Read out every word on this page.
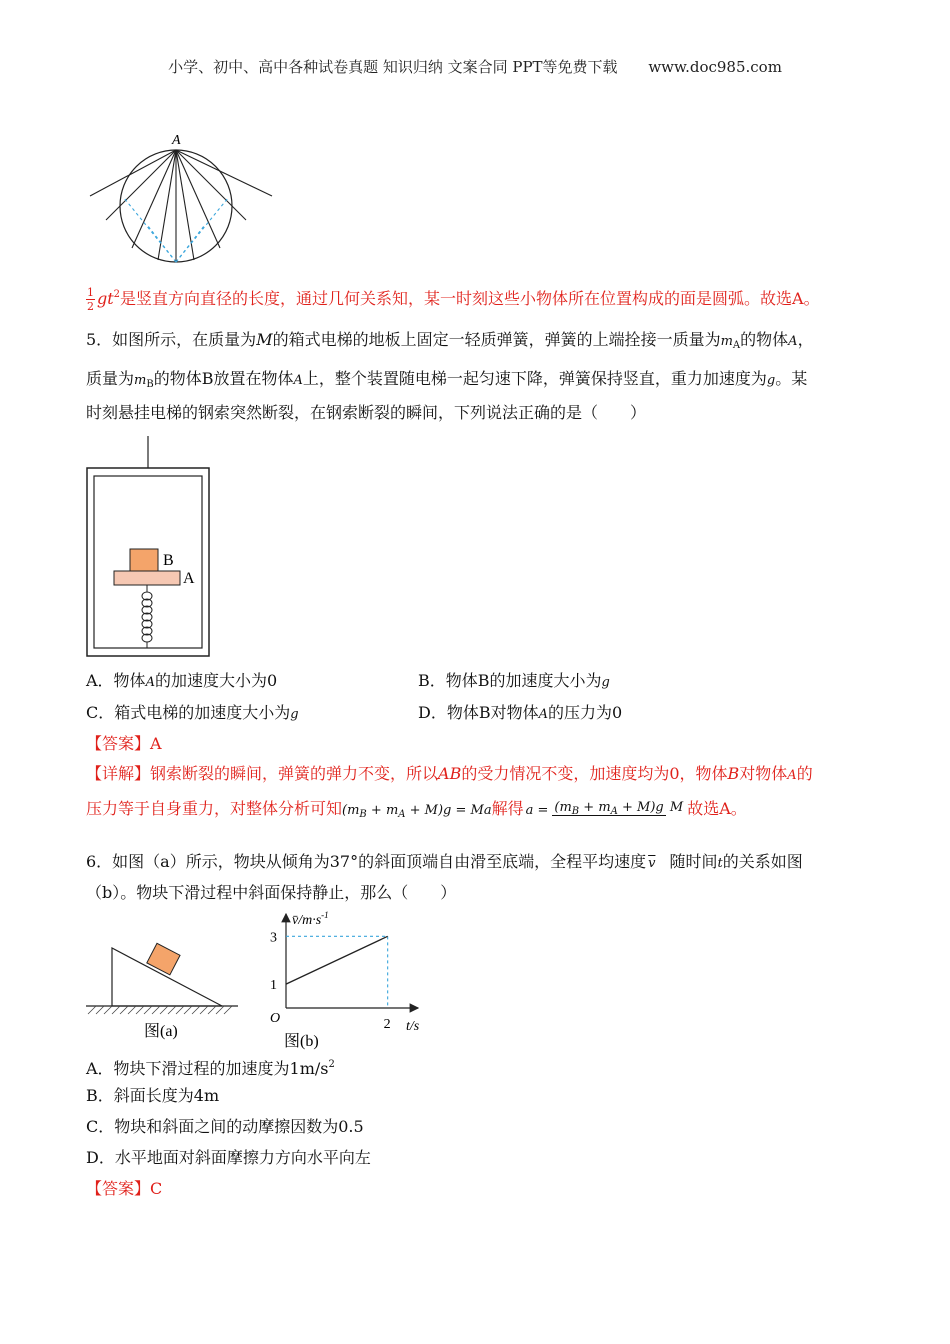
小学、初中、高中各种试卷真题 知识归纳 文案合同 PPT等免费下载 www.doc985.com
A
$\frac{1}{2} gt^2$是竖直方向直径的长度，通过几何关系知，某一时刻这些小物体所在位置构成的面是圆弧。故选A。
5．如图所示，在质量为M的箱式电梯的地板上固定一轻质弹簧，弹簧的上端拴接一质量为$m_A$的物体A，
质量为$m_B$的物体B放置在物体A上，整个装置随电梯一起匀速下降，弹簧保持竖直，重力加速度为g。某
时刻悬挂电梯的钢索突然断裂，在钢索断裂的瞬间，下列说法正确的是（　　）
B
A
A．物体A的加速度大小为0	B．物体B的加速度大小为g
C．箱式电梯的加速度大小为g	D．物体B对物体A的压力为0
【答案】A
【详解】钢索断裂的瞬间，弹簧的弹力不变，所以AB的受力情况不变，加速度均为0，物体B对物体A的
压力等于自身重力，对整体分析可知$(m_B + m_A + M)g = Ma$解得 $a = (m_B + m_A + M)g$ M 故选A。
6．如图（a）所示，物块从倾角为37°的斜面顶端自由滑至底端，全程平均速度 $\overline{v}$ 随时间t的关系如图
（b）。物块下滑过程中斜面保持静止，那么（　　）
图(a)
$v̄/m\cdot s^{-1}$
t/s
O
3
1
2
图(b)
A．物块下滑过程的加速度为$1m/s^2$
B．斜面长度为4m
C．物块和斜面之间的动摩擦因数为0.5
D．水平地面对斜面摩擦力方向水平向左
【答案】C
